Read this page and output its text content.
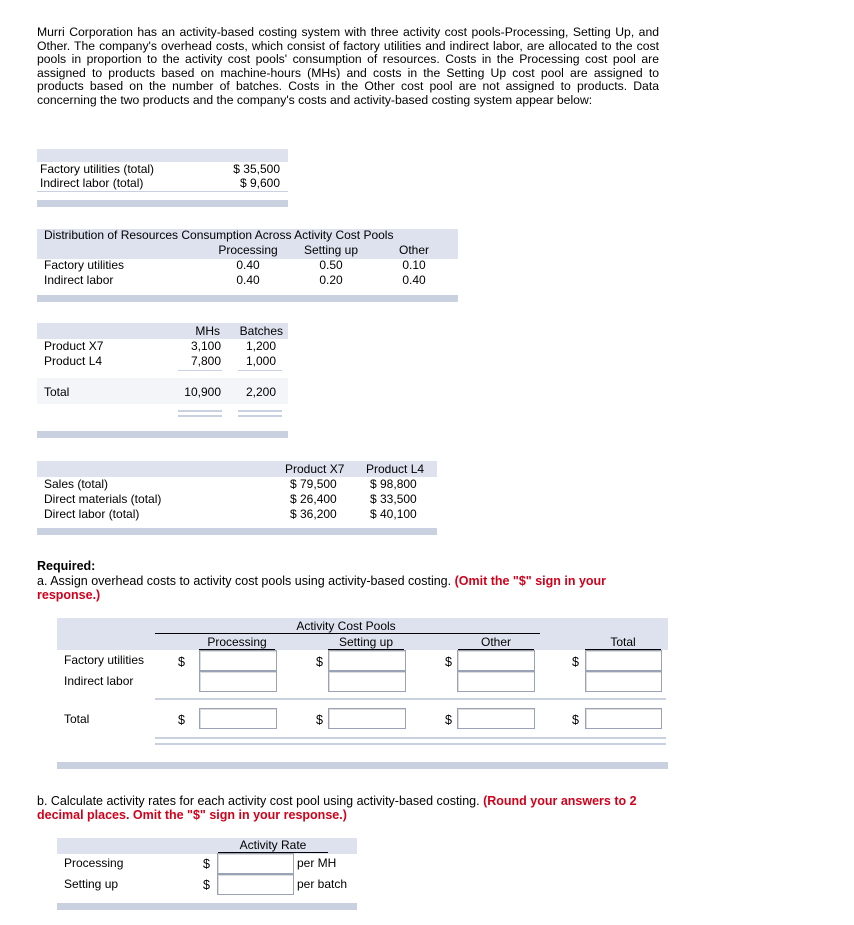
Murri Corporation has an activity-based costing system with three activity cost pools-Processing, Setting Up, and Other. The company's overhead costs, which consist of factory utilities and indirect labor, are allocated to the cost pools in proportion to the activity cost pools' consumption of resources. Costs in the Processing cost pool are assigned to products based on machine-hours (MHs) and costs in the Setting Up cost pool are assigned to products based on the number of batches. Costs in the Other cost pool are not assigned to products. Data concerning the two products and the company's costs and activity-based costing system appear below:
Factory utilities (total)	$ 35,500
Indirect labor (total)	$ 9,600
Distribution of Resources Consumption Across Activity Cost Pools
Processing	Setting up	Other
Factory utilities	0.40	0.50	0.10
Indirect labor	0.40	0.20	0.40
MHs	Batches
Product X7	3,100	1,200
Product L4	7,800	1,000
Total	10,900	2,200
Product X7 Product L4
Sales (total)	$ 79,500	$ 98,800
Direct materials (total)	$ 26,400	$ 33,500
Direct labor (total)	$ 36,200	$ 40,100
Required:
a. Assign overhead costs to activity cost pools using activity-based costing. (Omit the "$" sign in your response.)
Activity Cost Pools
Processing	Setting up	Other	Total
Factory utilities	$	$	$	$
Indirect labor
Total	$	$	$	$
b. Calculate activity rates for each activity cost pool using activity-based costing. (Round your answers to 2 decimal places. Omit the "$" sign in your response.)
Activity Rate
Processing	$	per MH
Setting up	$	per batch
